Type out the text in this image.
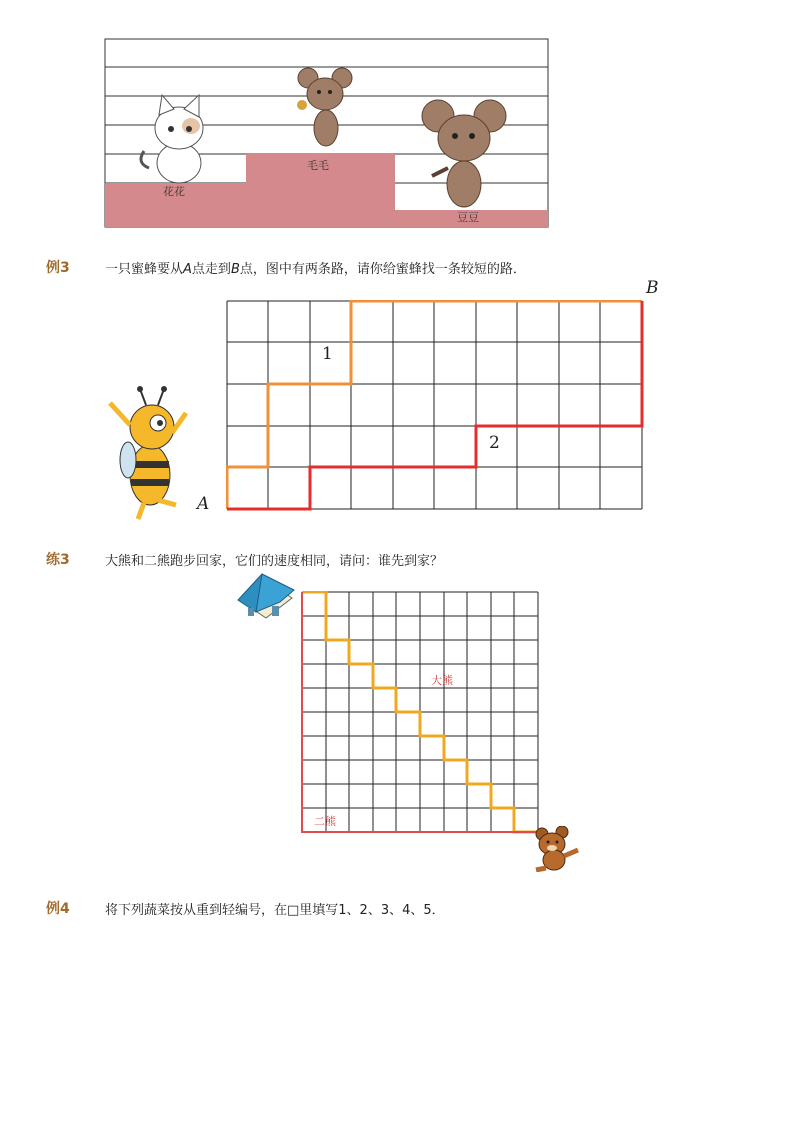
花花
毛毛
豆豆
例3	一只蜜蜂要从A点走到B点，图中有两条路，请你给蜜蜂找一条较短的路．
1
2
B
A
练3	大熊和二熊跑步回家，它们的速度相同，请问：谁先到家？
大熊
二熊
例4	将下列蔬菜按从重到轻编号，在□里填写1、2、3、4、5．
